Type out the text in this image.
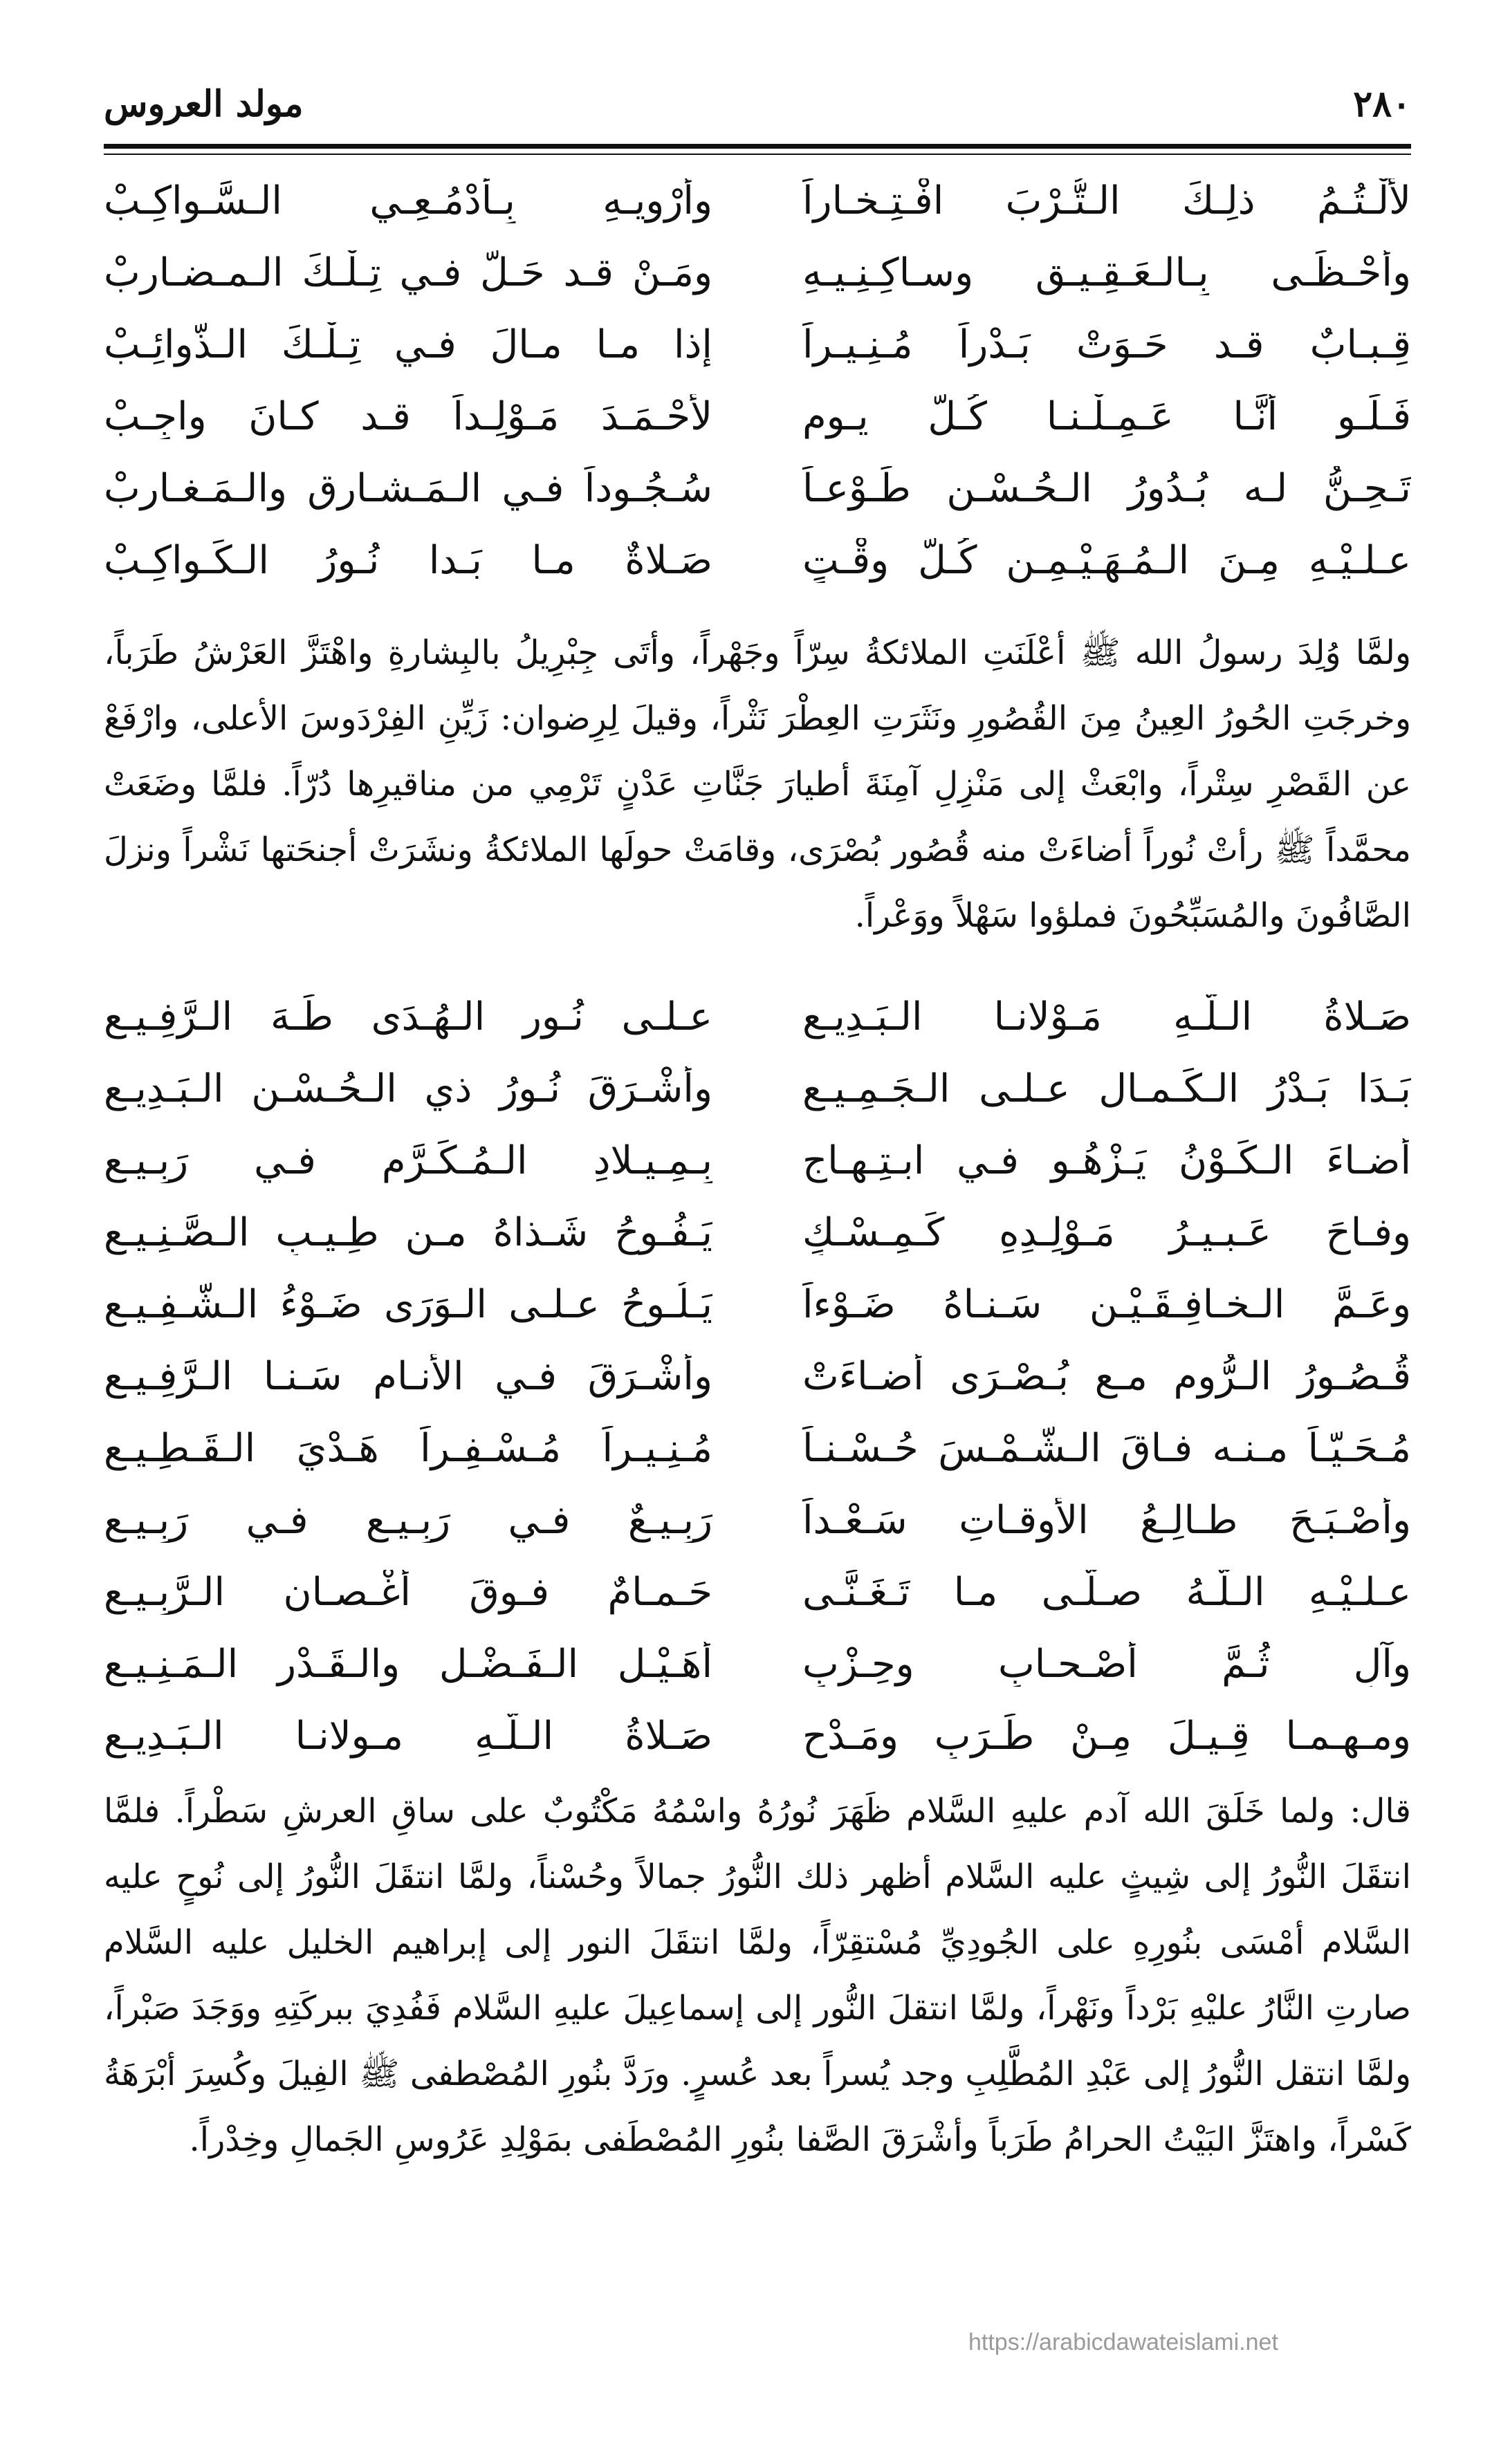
٢٨٠
مولد العروس
لأَلْـتُـمُ ذلِـكَ الـتُّـرْبَ افْـتِـخـاراً
وأَرْوِيـهِ بِـأَدْمُـعِـي الـسَّـواكِـبْ
وأَحْـظَـى بِـالـعَـقِـيـقِ وسـاكِـنِـيـهِ
ومَـنْ قـد حَـلَّ فـي تِـلْـكَ الـمـضـارِبْ
قِـبـابٌ قـد حَـوَتْ بَـدْراً مُـنِـيـراً
إذا مـا مـالَ فـي تِـلْـكَ الـذَّوائِـبْ
فَـلَـو أنَّـا عَـمِـلْـنـا كُـلَّ يـوم
لأَحْـمَـدَ مَـوْلِـداً قـد كـانَ واجِـبْ
تَـحِـنُّ لـه بُـدُورُ الـحُـسْـنِ طَـوْعـاً
سُـجُـوداً فـي الـمَـشـارِقِ والـمَـغـارِبْ
عـلـيْـهِ مِـنَ الـمُـهَـيْـمِـنِ كُـلَّ وقْـتٍ
صَـلاةٌ مـا بَـدا نُـورُ الـكَـواكِـبْ

ولمَّا وُلِدَ رسولُ الله ﷺ أعْلَنَتِ الملائكةُ سِرّاً وجَهْراً، وأتَى جِبْرِيلُ بالبِشارةِ واهْتَزَّ العَرْشُ طَرَباً، وخرجَتِ الحُورُ العِينُ مِنَ القُصُورِ ونَثَرَتِ العِطْرَ نَثْراً، وقيلَ لِرِضوان: زَيِّنِ الفِرْدَوسَ الأعلى، وارْفَعْ عن القَصْرِ سِتْراً، وابْعَثْ إلى مَنْزِلِ آمِنَةَ أطيارَ جَنَّاتِ عَدْنٍ تَرْمِي من مناقيرِها دُرّاً. فلمَّا وضَعَتْ محمَّداً ﷺ رأتْ نُوراً أضاءَتْ منه قُصُور بُصْرَى، وقامَتْ حولَها الملائكةُ ونشَرَتْ أجنحَتها نَشْراً ونزلَ الصَّافُونَ والمُسَبِّحُونَ فملؤوا سَهْلاً ووَعْراً.

صَـلاةُ الـلَّـهِ مَـوْلانـا الـبَـدِيـعِ
عـلـى نُـورِ الـهُـدَى طَـهَ الـرَّفِـيـعِ
بَـدَا بَـدْرُ الـكَـمـالِ عـلـى الـجَـمِـيـعِ
وأَشْـرَقَ نُـورُ ذي الـحُـسْـنِ الـبَـدِيـعِ
أضـاءَ الـكَـوْنُ يَـزْهُـو فـي ابـتِـهـاجٍ
بِـمِـيـلادِ الـمُـكَـرَّمِ فـي رَبِـيـعِ
وفـاحَ عَـبـيـرُ مَـوْلِـدِهِ كَـمِـسْـكٍ
يَـفُـوحُ شَـذاهُ مـن طِـيـبِ الـصَّـنِـيـعِ
وعَـمَّ الـخـافِـقَـيْـنِ سَـنـاهُ ضَـوْءاً
يَـلُـوحُ عـلـى الـوَرَى ضَـوْءُ الـشَّـفِـيـعِ
قُـصُـورُ الـرُّومِ مـع بُـصْـرَى أضـاءَتْ
وأشْـرَقَ فـي الأنـامِ سَـنـا الـرَّفِـيـعِ
مُـحَـيّـاً مـنـه فـاقَ الـشَّـمْـسَ حُـسْـنـاً
مُـنِـيـراً مُـسْـفِـراً هَـدْيَ الـقَـطِـيـعِ
وأصْـبَـحَ طـالِـعُ الأوقـاتِ سَـعْـداً
رَبِـيـعٌ فـي رَبِـيـعٍ فـي رَبِـيـعِ
عـلـيْـهِ الـلَّـهُ صـلَّـى مـا تَـغَـنَّـى
حَـمـامٌ فـوقَ أغْـصـانِ الـرَّبِـيـعِ
وآلٍ ثُـمَّ أصْـحـابٍ وحِـزْبٍ
أُهَـيْـلِ الـفَـضْـلِ والـقَـدْرِ الـمَـنِـيـعِ
ومـهـمـا قِـيـلَ مِـنْ طَـرَبٍ ومَـدْحٍ
صَـلاةُ الـلَّـهِ مـولانـا الـبَـدِيـعِ

قال: ولما خَلَقَ الله آدم عليهِ السَّلام ظَهَرَ نُورُهُ واسْمُهُ مَكْتُوبٌ على ساقِ العرشِ سَطْراً. فلمَّا انتقَلَ النُّورُ إلى شِيثٍ عليه السَّلام أظهر ذلك النُّورُ جمالاً وحُسْناً، ولمَّا انتقَلَ النُّورُ إلى نُوحٍ عليه السَّلام أمْسَى بنُورِهِ على الجُودِيِّ مُسْتقِرّاً، ولمَّا انتقَلَ النور إلى إبراهيم الخليل عليه السَّلام صارتِ النَّارُ عليْهِ بَرْداً ونَهْراً، ولمَّا انتقلَ النُّور إلى إسماعِيلَ عليهِ السَّلام فَفُدِيَ ببركَتِهِ ووَجَدَ صَبْراً، ولمَّا انتقل النُّورُ إلى عَبْدِ المُطَّلِبِ وجد يُسراً بعد عُسرٍ. ورَدَّ بنُورِ المُصْطفى ﷺ الفِيلَ وكُسِرَ أبْرَهَةُ كَسْراً، واهتَزَّ البَيْتُ الحرامُ طَرَباً وأشْرَقَ الصَّفا بنُورِ المُصْطَفى بمَوْلِدِ عَرُوسِ الجَمالِ وخِدْراً.

https://arabicdawateislami.net
